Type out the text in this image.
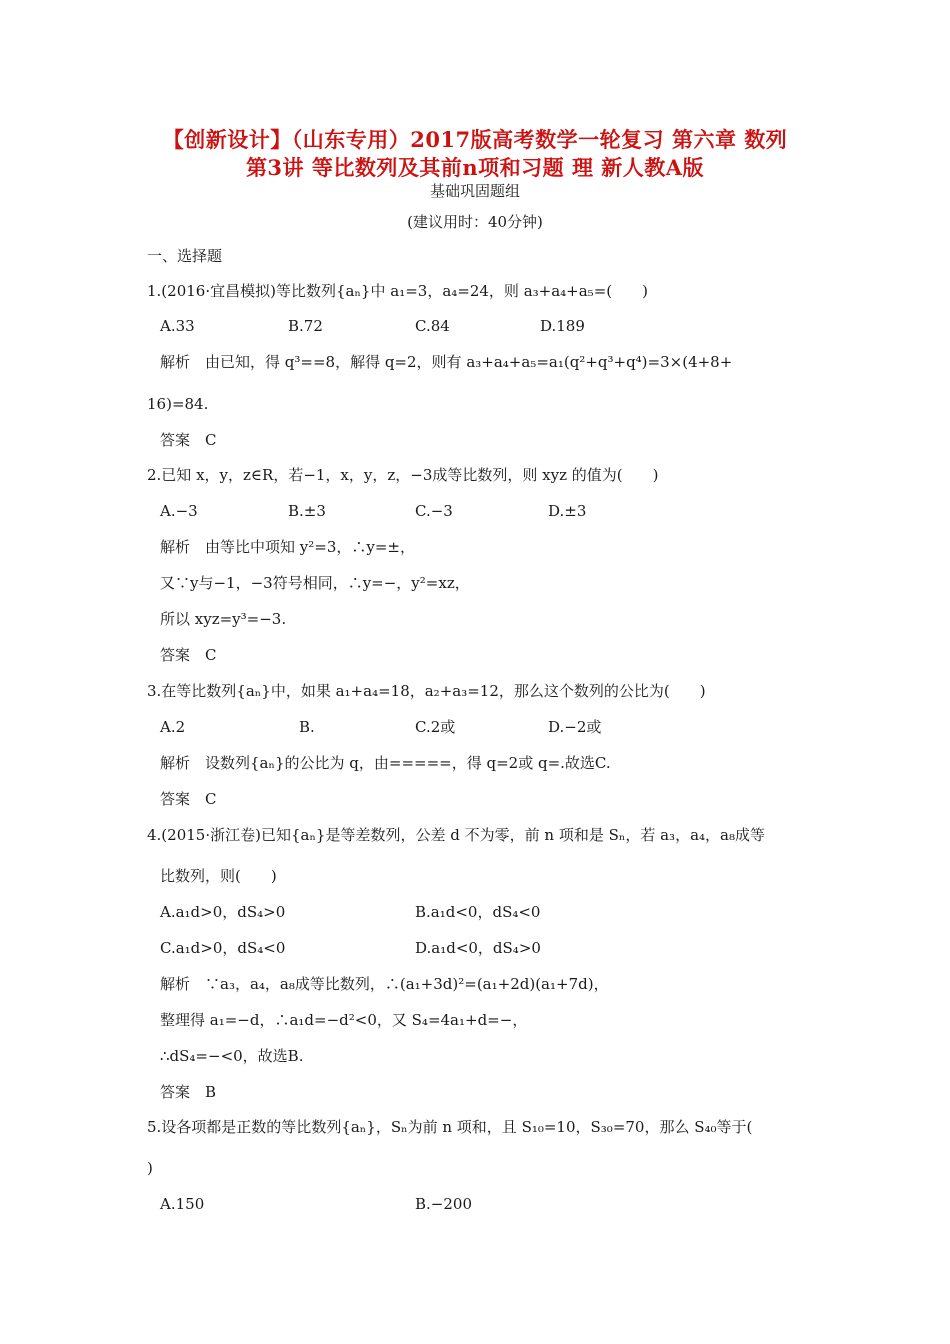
【创新设计】（山东专用）2017版高考数学一轮复习 第六章 数列
第3讲 等比数列及其前n项和习题 理 新人教A版
基础巩固题组
(建议用时：40分钟)
一、选择题
1.(2016·宜昌模拟)等比数列{aₙ}中 a₁=3，a₄=24，则 a₃+a₄+a₅=(　　)
A.33	B.72	C.84	D.189
解析　由已知，得 q³==8，解得 q=2，则有 a₃+a₄+a₅=a₁(q²+q³+q⁴)=3×(4+8+
16)=84.
答案　C
2.已知 x，y，z∈R，若−1，x，y，z，−3成等比数列，则 xyz 的值为(　　)
A.−3	B.±3	C.−3	D.±3
解析　由等比中项知 y²=3，∴y=±，
又∵y与−1，−3符号相同，∴y=−，y²=xz，
所以 xyz=y³=−3.
答案　C
3.在等比数列{aₙ}中，如果 a₁+a₄=18，a₂+a₃=12，那么这个数列的公比为(　　)
A.2	B.	C.2或	D.−2或
解析　设数列{aₙ}的公比为 q，由=====，得 q=2或 q=.故选C.
答案　C
4.(2015·浙江卷)已知{aₙ}是等差数列，公差 d 不为零，前 n 项和是 Sₙ，若 a₃，a₄，a₈成等
比数列，则(　　)
A.a₁d>0，dS₄>0	B.a₁d<0，dS₄<0
C.a₁d>0，dS₄<0	D.a₁d<0，dS₄>0
解析　∵a₃，a₄，a₈成等比数列，∴(a₁+3d)²=(a₁+2d)(a₁+7d)，
整理得 a₁=−d，∴a₁d=−d²<0，又 S₄=4a₁+d=−，
∴dS₄=−<0，故选B.
答案　B
5.设各项都是正数的等比数列{aₙ}，Sₙ为前 n 项和，且 S₁₀=10，S₃₀=70，那么 S₄₀等于(
)
A.150	B.−200
